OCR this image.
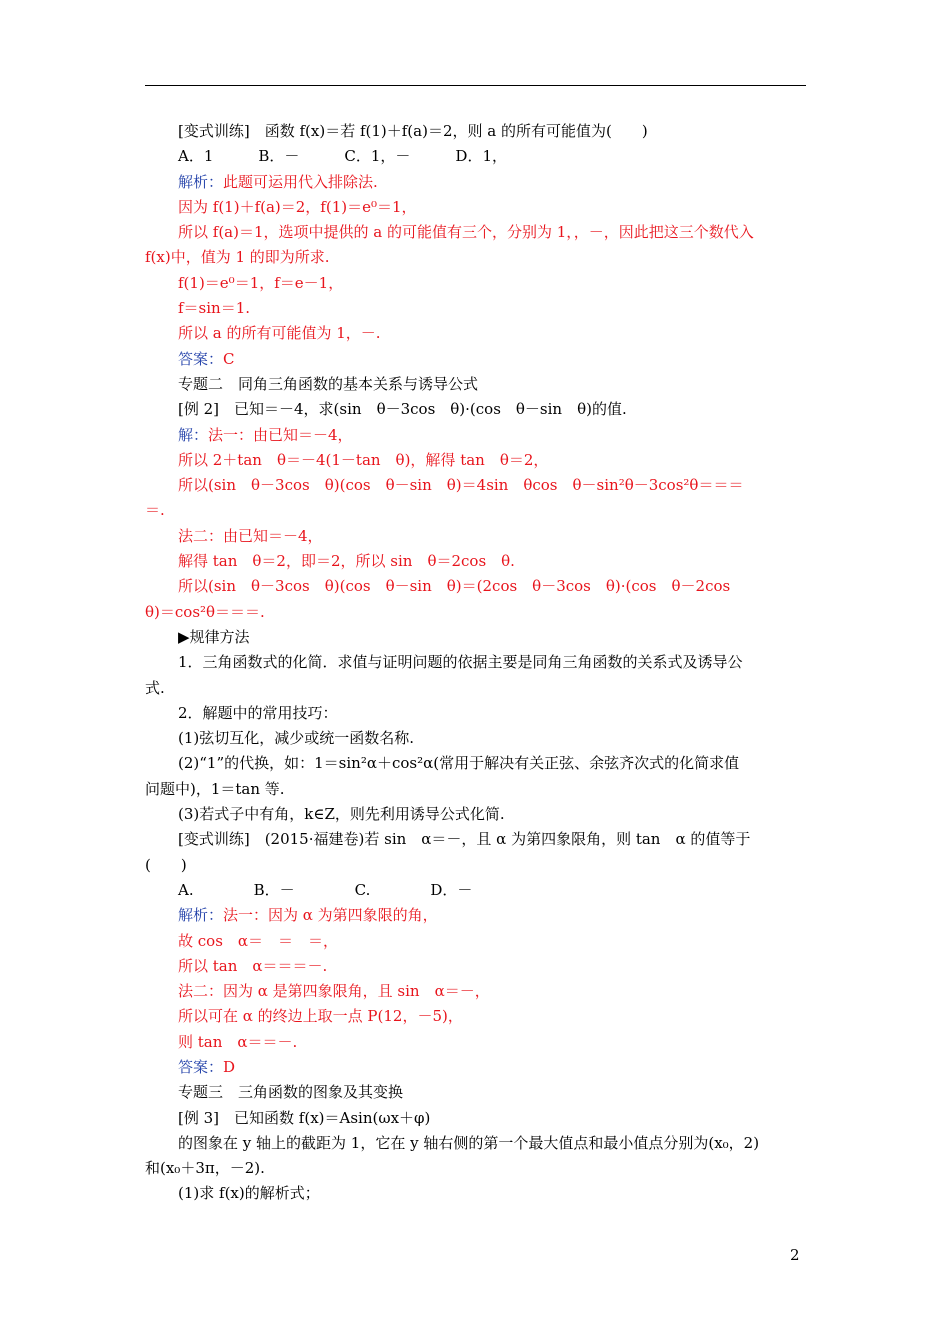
[变式训练]　函数 f(x)＝若 f(1)＋f(a)＝2，则 a 的所有可能值为(　　)
A．1　　　B．－　　　C．1，－　　　D．1，
解析：此题可运用代入排除法.
因为 f(1)＋f(a)＝2，f(1)＝e⁰＝1，
所以 f(a)＝1，选项中提供的 a 的可能值有三个，分别为 1，，－，因此把这三个数代入
f(x)中，值为 1 的即为所求.
f(1)＝e⁰＝1，f＝e－1，
f＝sin＝1.
所以 a 的所有可能值为 1，－.
答案：C
专题二　同角三角函数的基本关系与诱导公式
[例 2]　已知＝－4，求(sin　θ－3cos　θ)·(cos　θ－sin　θ)的值.
解：法一：由已知＝－4，
所以 2＋tan　θ＝－4(1－tan　θ)，解得 tan　θ＝2，
所以(sin　θ－3cos　θ)(cos　θ－sin　θ)＝4sin　θcos　θ－sin²θ－3cos²θ＝＝＝
＝.
法二：由已知＝－4，
解得 tan　θ＝2，即＝2，所以 sin　θ＝2cos　θ.
所以(sin　θ－3cos　θ)(cos　θ－sin　θ)＝(2cos　θ－3cos　θ)·(cos　θ－2cos
θ)＝cos²θ＝＝＝.
▶规律方法
1．三角函数式的化简．求值与证明问题的依据主要是同角三角函数的关系式及诱导公
式.
2．解题中的常用技巧：
(1)弦切互化，减少或统一函数名称.
(2)“1”的代换，如：1＝sin²α＋cos²α(常用于解决有关正弦、余弦齐次式的化简求值
问题中)，1＝tan 等.
(3)若式子中有角，k∈Z，则先利用诱导公式化简.
[变式训练]　(2015·福建卷)若 sin　α＝－，且 α 为第四象限角，则 tan　α 的值等于
(　　)
A.　　　　B．－　　　　C.　　　　D．－
解析：法一：因为 α 为第四象限的角，
故 cos　α＝　＝　＝，
所以 tan　α＝＝＝－.
法二：因为 α 是第四象限角，且 sin　α＝－，
所以可在 α 的终边上取一点 P(12，－5)，
则 tan　α＝＝－.
答案：D
专题三　三角函数的图象及其变换
[例 3]　已知函数 f(x)＝Asin(ωx＋φ)
的图象在 y 轴上的截距为 1，它在 y 轴右侧的第一个最大值点和最小值点分别为(x₀，2)
和(x₀＋3π，－2).
(1)求 f(x)的解析式；
2
